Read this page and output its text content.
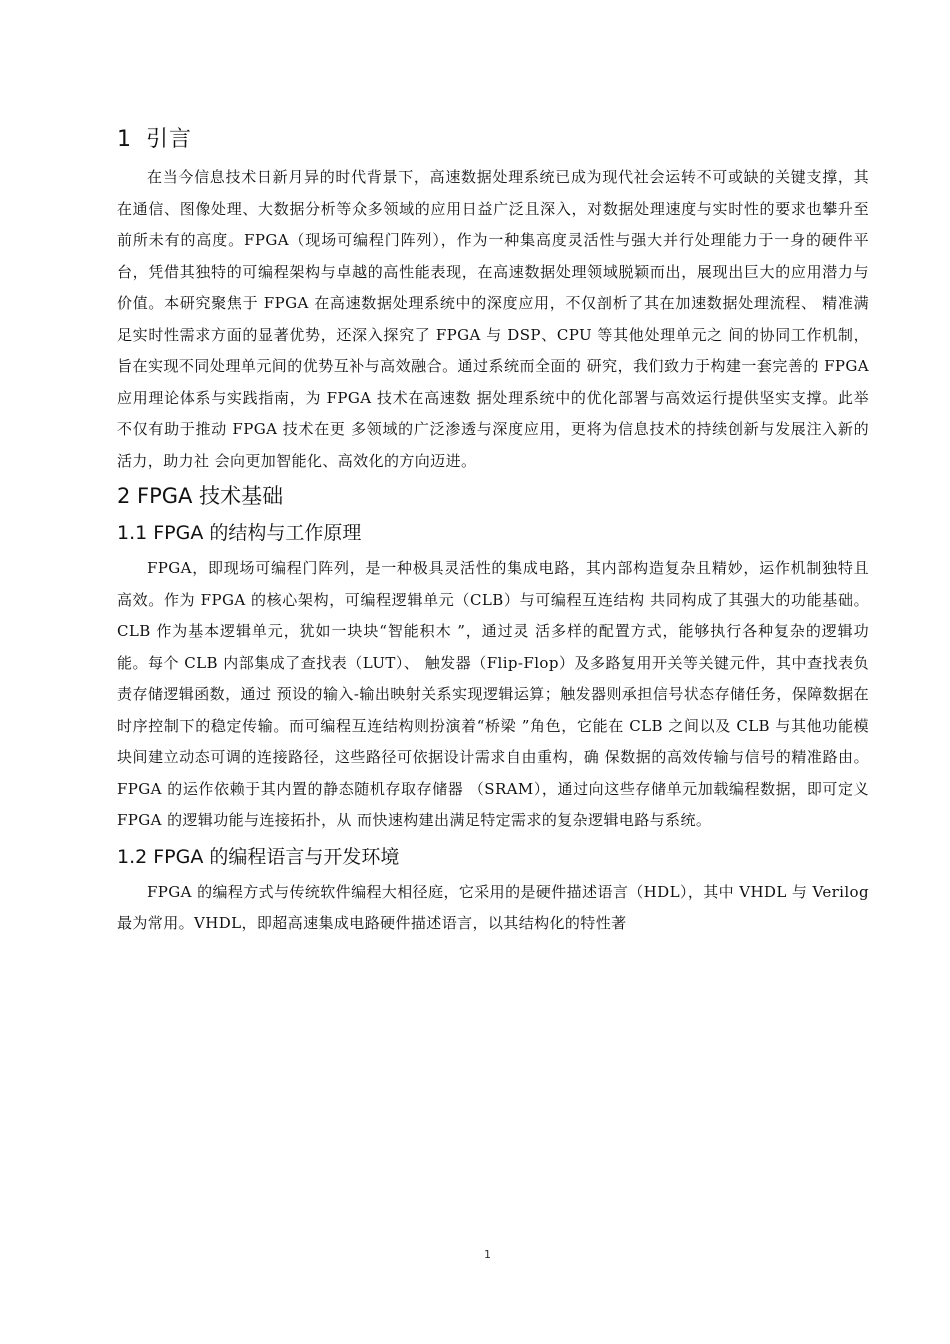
1 引言

在当今信息技术日新月异的时代背景下，高速数据处理系统已成为现代社会运转不可或缺的关键支撑，其在通信、图像处理、大数据分析等众多领域的应用日益广泛且深入，对数据处理速度与实时性的要求也攀升至前所未有的高度。FPGA（现场可编程门阵列），作为一种集高度灵活性与强大并行处理能力于一身的硬件平台，凭借其独特的可编程架构与卓越的高性能表现，在高速数据处理领域脱颖而出，展现出巨大的应用潜力与价值。本研究聚焦于 FPGA 在高速数据处理系统中的深度应用，不仅剖析了其在加速数据处理流程、 精准满足实时性需求方面的显著优势，还深入探究了 FPGA 与 DSP、CPU 等其他处理单元之 间的协同工作机制，旨在实现不同处理单元间的优势互补与高效融合。通过系统而全面的 研究，我们致力于构建一套完善的 FPGA 应用理论体系与实践指南，为 FPGA 技术在高速数 据处理系统中的优化部署与高效运行提供坚实支撑。此举不仅有助于推动 FPGA 技术在更 多领域的广泛渗透与深度应用，更将为信息技术的持续创新与发展注入新的活力，助力社 会向更加智能化、高效化的方向迈进。

2 FPGA 技术基础
1.1 FPGA 的结构与工作原理

FPGA，即现场可编程门阵列，是一种极具灵活性的集成电路，其内部构造复杂且精妙，运作机制独特且高效。作为 FPGA 的核心架构，可编程逻辑单元（CLB）与可编程互连结构 共同构成了其强大的功能基础。CLB 作为基本逻辑单元，犹如一块块“智能积木 ”，通过灵 活多样的配置方式，能够执行各种复杂的逻辑功能。每个 CLB 内部集成了查找表（LUT）、 触发器（Flip-Flop）及多路复用开关等关键元件，其中查找表负责存储逻辑函数，通过 预设的输入-输出映射关系实现逻辑运算；触发器则承担信号状态存储任务，保障数据在 时序控制下的稳定传输。而可编程互连结构则扮演着“桥梁 ”角色，它能在 CLB 之间以及 CLB 与其他功能模块间建立动态可调的连接路径，这些路径可依据设计需求自由重构，确 保数据的高效传输与信号的精准路由。FPGA 的运作依赖于其内置的静态随机存取存储器 （SRAM），通过向这些存储单元加载编程数据，即可定义 FPGA 的逻辑功能与连接拓扑，从 而快速构建出满足特定需求的复杂逻辑电路与系统。

1.2 FPGA 的编程语言与开发环境

FPGA 的编程方式与传统软件编程大相径庭，它采用的是硬件描述语言（HDL），其中 VHDL 与 Verilog 最为常用。VHDL，即超高速集成电路硬件描述语言，以其结构化的特性著

1
